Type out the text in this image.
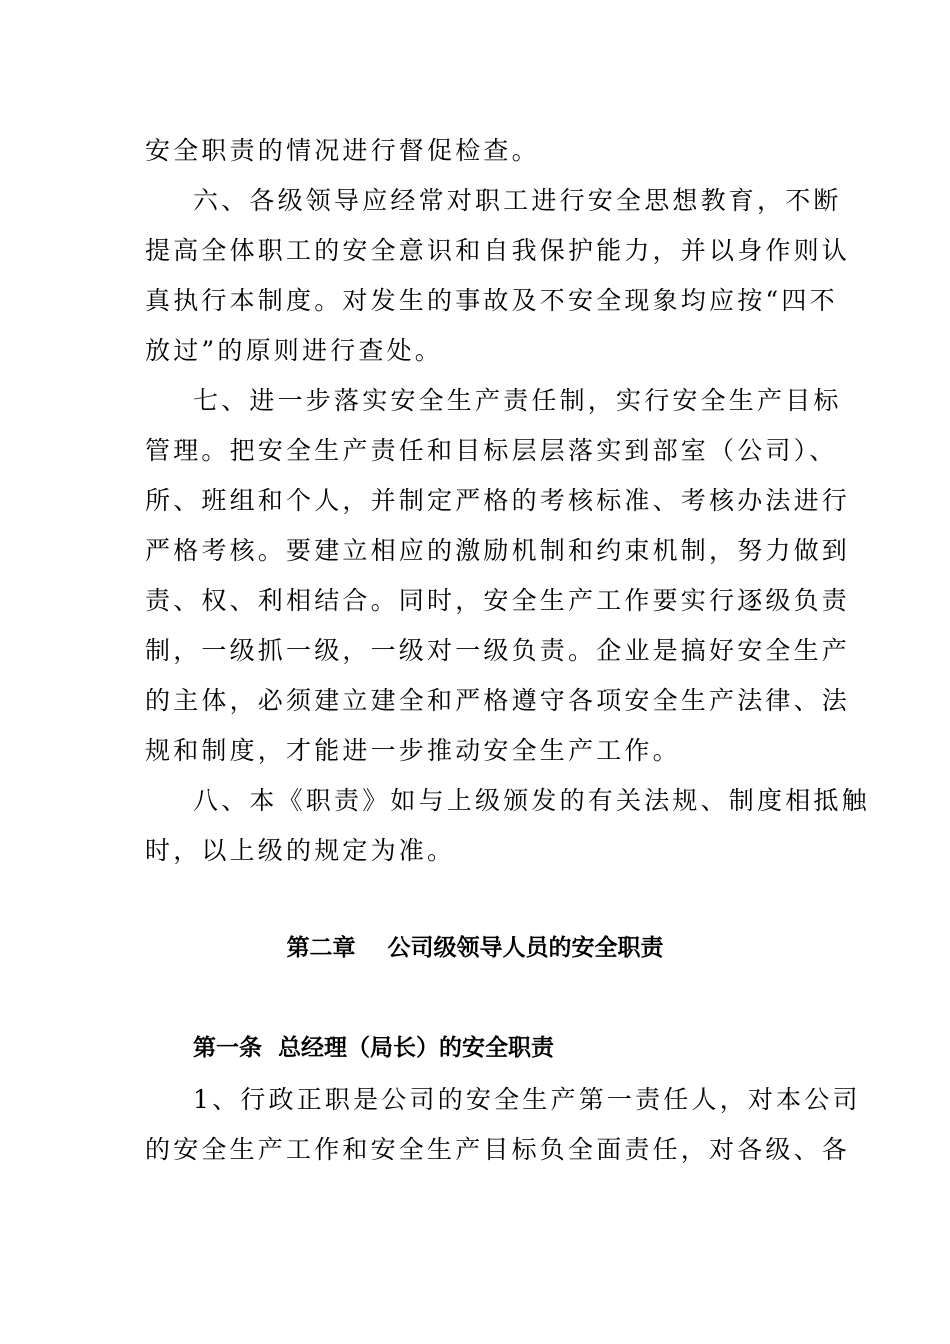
安全职责的情况进行督促检查。
六、各级领导应经常对职工进行安全思想教育，不断
提高全体职工的安全意识和自我保护能力，并以身作则认
真执行本制度。对发生的事故及不安全现象均应按“四不
放过”的原则进行查处。
七、进一步落实安全生产责任制，实行安全生产目标
管理。把安全生产责任和目标层层落实到部室（公司）、
所、班组和个人，并制定严格的考核标准、考核办法进行
严格考核。要建立相应的激励机制和约束机制，努力做到
责、权、利相结合。同时，安全生产工作要实行逐级负责
制，一级抓一级，一级对一级负责。企业是搞好安全生产
的主体，必须建立建全和严格遵守各项安全生产法律、法
规和制度，才能进一步推动安全生产工作。
八、本《职责》如与上级颁发的有关法规、制度相抵触
时，以上级的规定为准。
第二章    公司级领导人员的安全职责
第一条  总经理（局长）的安全职责
1、行政正职是公司的安全生产第一责任人，对本公司
的安全生产工作和安全生产目标负全面责任，对各级、各
